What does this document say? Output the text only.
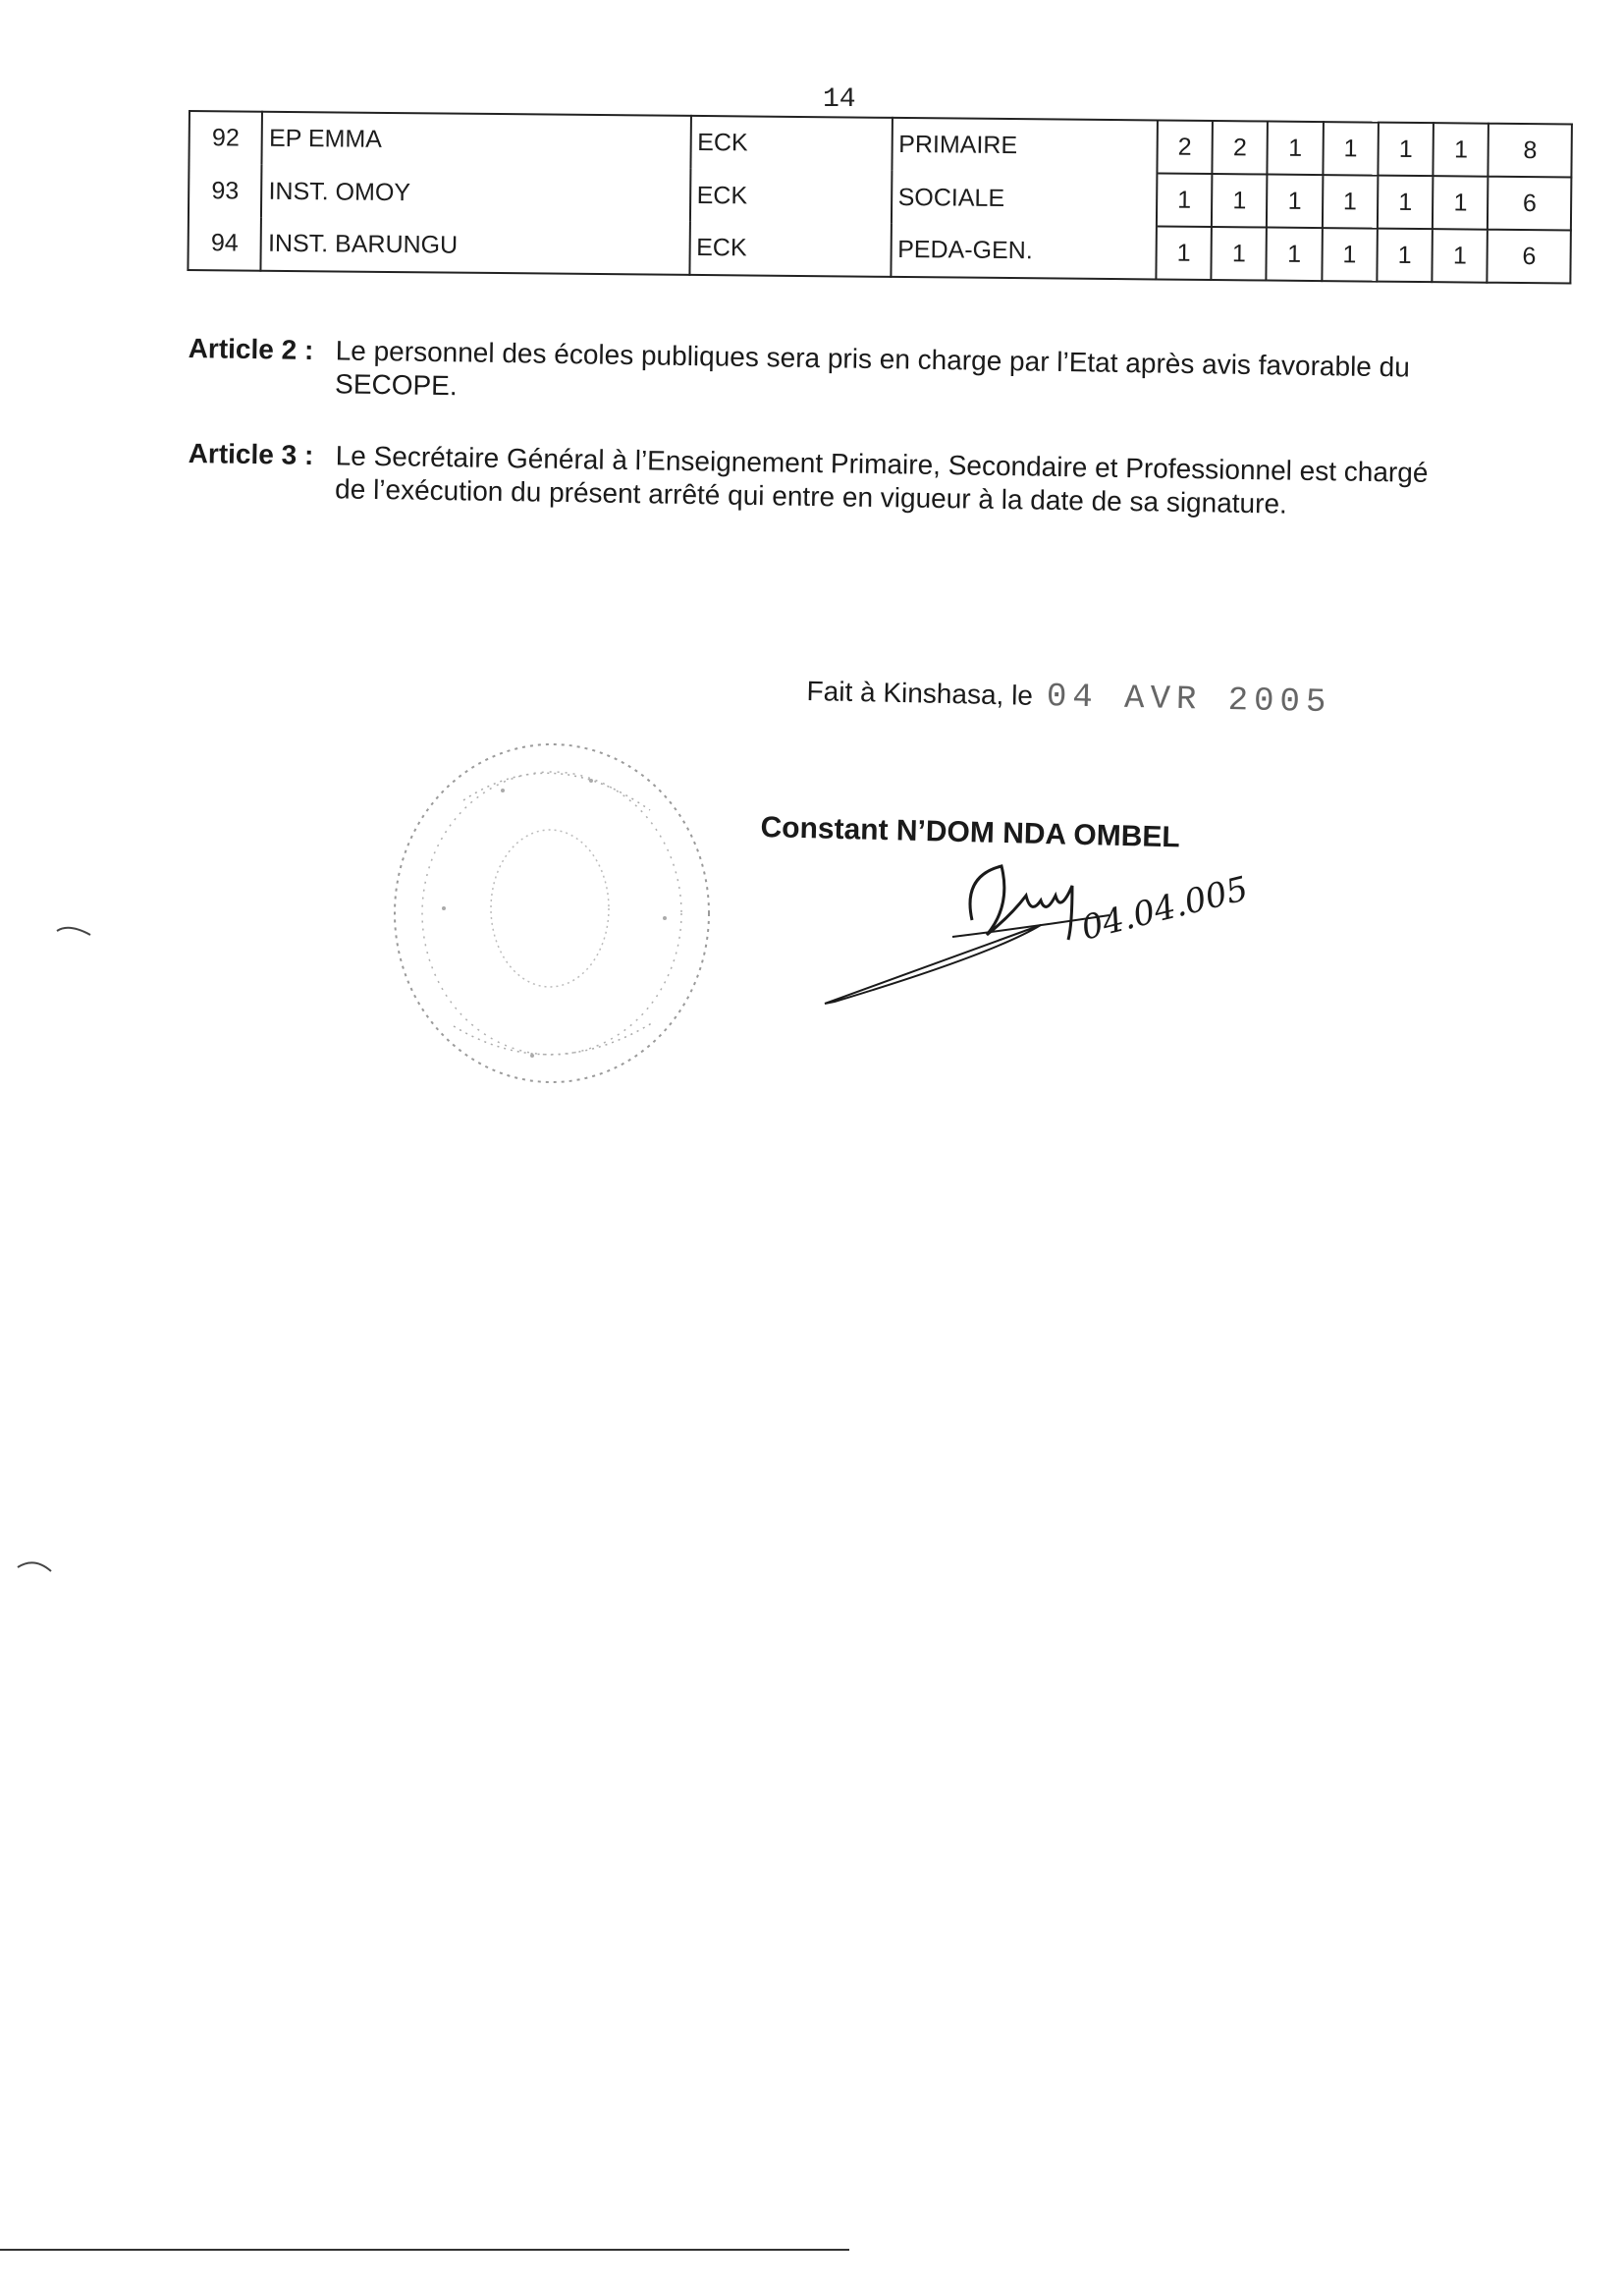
14
92	EP EMMA	ECK	PRIMAIRE	2	2	1	1	1	1	8
93	INST. OMOY	ECK	SOCIALE	1	1	1	1	1	1	6
94	INST. BARUNGU	ECK	PEDA-GEN.	1	1	1	1	1	1	6
Article 2 : Le personnel des écoles publiques sera pris en charge par l’Etat après avis favorable du SECOPE.
Article 3 : Le Secrétaire Général à l’Enseignement Primaire, Secondaire et Professionnel est chargé de l’exécution du présent arrêté qui entre en vigueur à la date de sa signature.
Fait à Kinshasa, le 04 AVR 2005
Constant N’DOM NDA OMBEL
04.04.005
